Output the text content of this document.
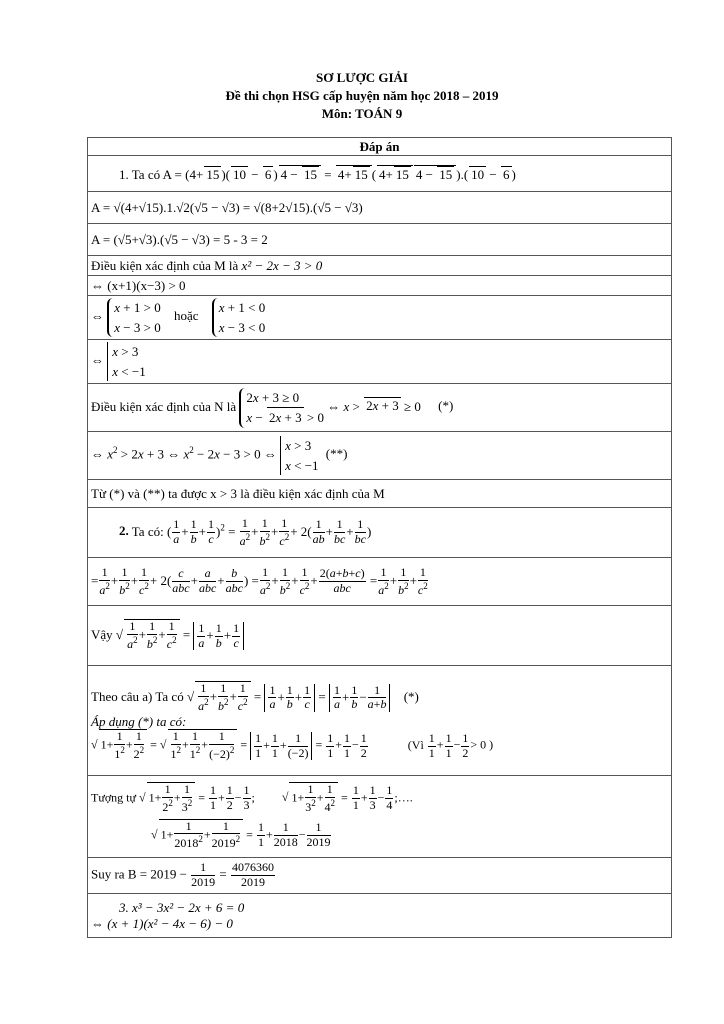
SƠ LƯỢC GIẢI
Đề thi chọn HSG cấp huyện năm học 2018 – 2019
Môn: TOÁN 9
Đáp án
1. Ta có A = (4+ 15 )( 10 − 6 ) 4 − 15 = 4+ 15 ( 4+ 15 4 − 15 ).( 10 − 6 )
A = √(4+√15).1.√2(√5 − √3) = √(8+2√15).(√5 − √3)
A = (√5+√3).(√5 − √3) = 5 - 3 = 2
Điều kiện xác định của M là x² − 2x − 3 > 0
⇔ (x+1)(x−3) > 0
⇔ x + 1 > 0
x − 3 > 0 hoặc x + 1 < 0
x − 3 < 0
⇔ x > 3
x < −1
Điều kiện xác định của N là 2x + 3 ≥ 0
x − 2x + 3 > 0 ⇔ x > 2x + 3 ≥ 0 (*)
⇔ $x^2 > 2x + 3$ ⇔ $x^2 - 2x - 3 > 0$ ⇔ x > 3
x < −1 (**)
Từ (*) và (**) ta được x > 3 là điều kiện xác định của M
2. Ta có: ( $\frac{1}{a} + \frac{1}{b} + \frac{1}{c} )^2 = \frac{1}{a^2} + \frac{1}{b^2} + \frac{1}{c^2} + 2( \frac{1}{ab} + \frac{1}{bc} + \frac{1}{bc}$ )
= $\frac{1}{a^2} + \frac{1}{b^2} + \frac{1}{c^2} + 2$( c
abc
+ a
abc
+ b
abc
) = $\frac{1}{a^2} + \frac{1}{b^2} + \frac{1}{c^2} + 2(a+b+c)$
abc
= $\frac{1}{a^2} + \frac{1}{b^2} + \frac{1}{c^2}$

Vậy √ $\frac{1}{a^2} + \frac{1}{b^2} + \frac{1}{c^2} = \frac{1}{a} + \frac{1}{b} + \frac{1}{c}$

Theo câu a) Ta có √ $\frac{1}{a^2} + \frac{1}{b^2} + \frac{1}{c^2} = \frac{1}{a} + \frac{1}{b} + \frac{1}{c} = \frac{1}{a} + \frac{1}{b} - \frac{1}{a+b}$ (*)
Áp dụng (*) ta có:
√ $1+ \frac{1}{1^2} + \frac{1}{2^2}$ = √ $\frac{1}{1^2} + \frac{1}{1^2} + \frac{1}{(-2)^2} = \frac{1}{1} + \frac{1}{1} + \frac{1}{(-2)} = \frac{1}{1} + \frac{1}{1} - \frac{1}{2}$	(Vì $\frac{1}{1} + \frac{1}{1} - \frac{1}{2} > 0$ )

Tượng tự √ $1+ \frac{1}{2^2} + \frac{1}{3^2} = \frac{1}{1} + \frac{1}{2} - \frac{1}{3}$ ; √ $1+ \frac{1}{3^2} + \frac{1}{4^2} = \frac{1}{1} + \frac{1}{3} - \frac{1}{4}$ ;….
√ $1+ \frac{1}{2018^2} + \frac{1}{2019^2} = \frac{1}{1} + \frac{1}{2018} - \frac{1}{2019}$

Suy ra $B = 2019 - \frac{1}{2019} = \frac{4076360}{2019}$

3. x³ − 3x² − 2x + 6 = 0
⇔ (x + 1)(x² − 4x − 6) − 0
